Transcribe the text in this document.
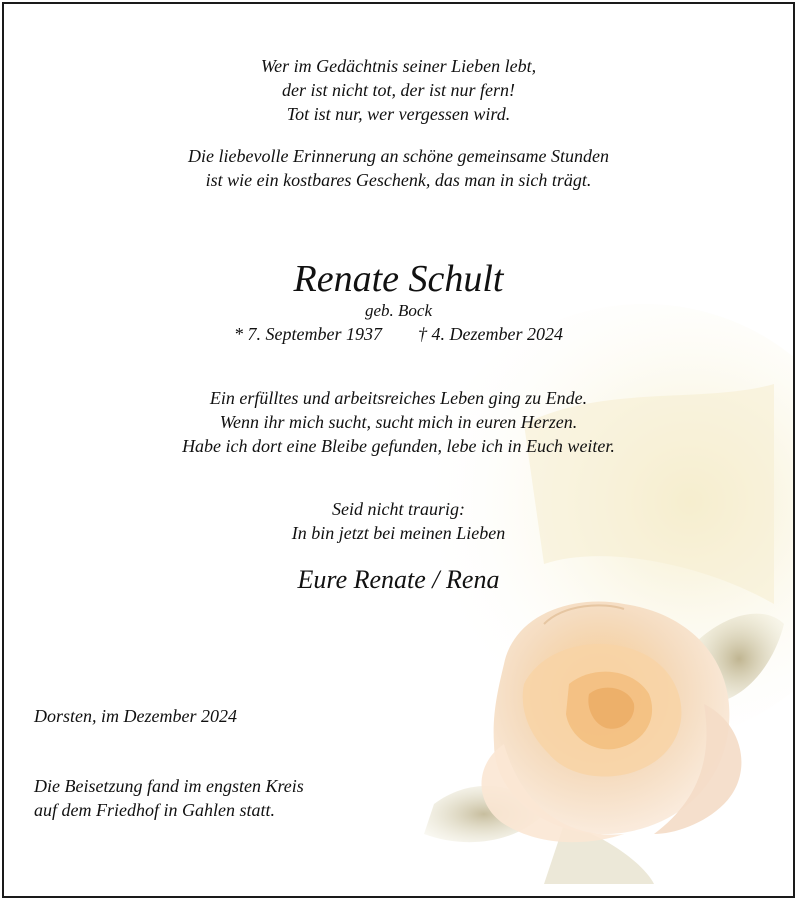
Wer im Gedächtnis seiner Lieben lebt,
der ist nicht tot, der ist nur fern!
Tot ist nur, wer vergessen wird.
Die liebevolle Erinnerung an schöne gemeinsame Stunden
ist wie ein kostbares Geschenk, das man in sich trägt.
Renate Schult
geb. Bock
* 7. September 1937 † 4. Dezember 2024
Ein erfülltes und arbeitsreiches Leben ging zu Ende.
Wenn ihr mich sucht, sucht mich in euren Herzen.
Habe ich dort eine Bleibe gefunden, lebe ich in Euch weiter.
Seid nicht traurig:
In bin jetzt bei meinen Lieben
Eure Renate / Rena
Dorsten, im Dezember 2024
Die Beisetzung fand im engsten Kreis
auf dem Friedhof in Gahlen statt.
